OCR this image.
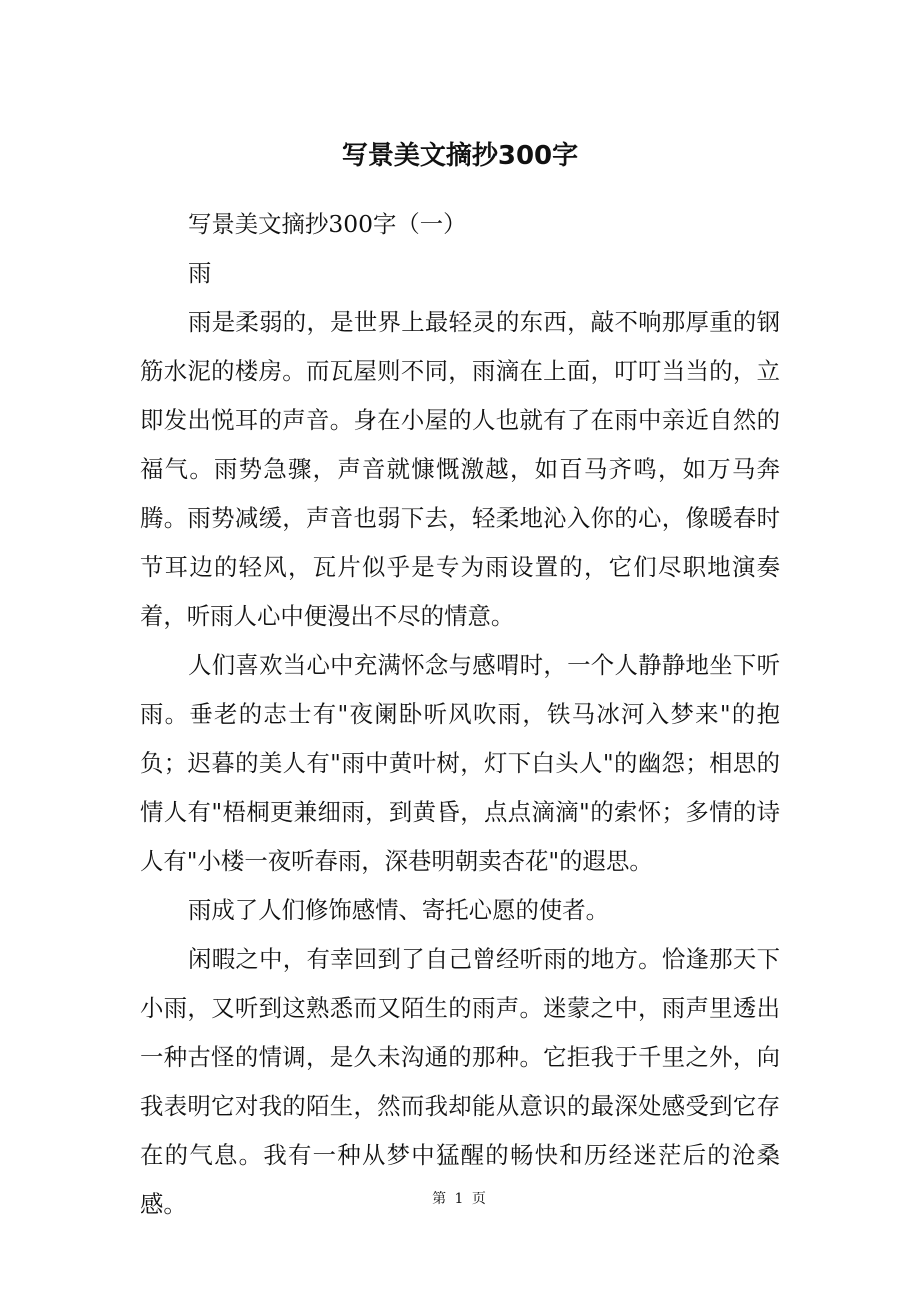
写景美文摘抄300字

写景美文摘抄300字（一）

雨

雨是柔弱的，是世界上最轻灵的东西，敲不响那厚重的钢筋水泥的楼房。而瓦屋则不同，雨滴在上面，叮叮当当的，立即发出悦耳的声音。身在小屋的人也就有了在雨中亲近自然的福气。雨势急骤，声音就慷慨激越，如百马齐鸣，如万马奔腾。雨势减缓，声音也弱下去，轻柔地沁入你的心，像暖春时节耳边的轻风，瓦片似乎是专为雨设置的，它们尽职地演奏着，听雨人心中便漫出不尽的情意。

人们喜欢当心中充满怀念与感喟时，一个人静静地坐下听雨。垂老的志士有"夜阑卧听风吹雨，铁马冰河入梦来"的抱负；迟暮的美人有"雨中黄叶树，灯下白头人"的幽怨；相思的情人有"梧桐更兼细雨，到黄昏，点点滴滴"的索怀；多情的诗人有"小楼一夜听春雨，深巷明朝卖杏花"的遐思。

雨成了人们修饰感情、寄托心愿的使者。

闲暇之中，有幸回到了自己曾经听雨的地方。恰逢那天下小雨，又听到这熟悉而又陌生的雨声。迷蒙之中，雨声里透出一种古怪的情调，是久未沟通的那种。它拒我于千里之外，向我表明它对我的陌生，然而我却能从意识的最深处感受到它存在的气息。我有一种从梦中猛醒的畅快和历经迷茫后的沧桑感。	第 1 页
